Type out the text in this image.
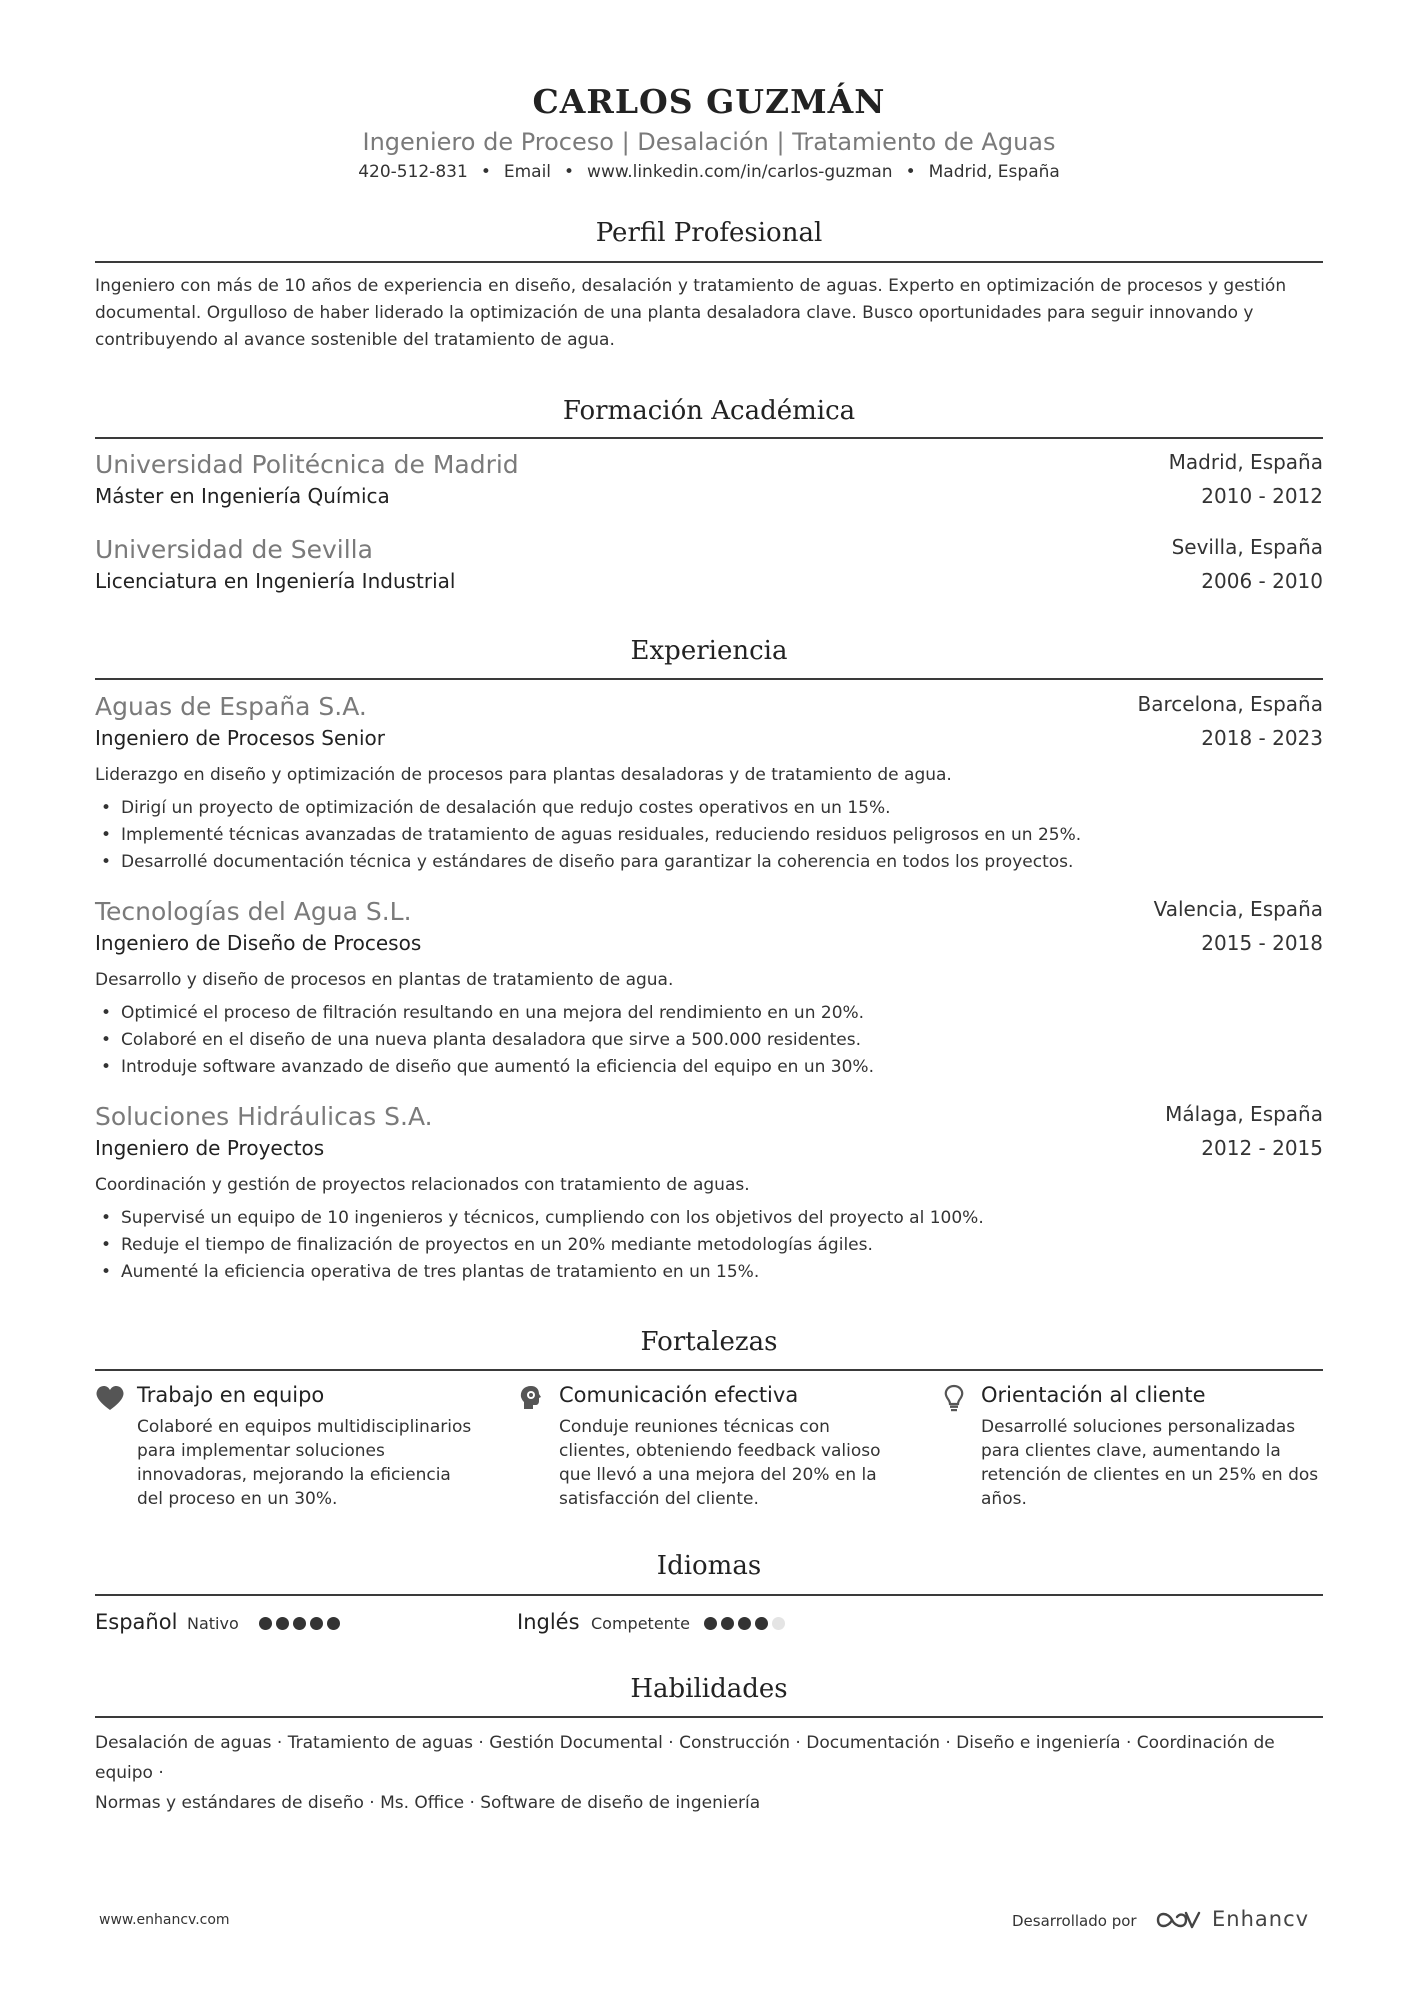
CARLOS GUZMÁN
Ingeniero de Proceso | Desalación | Tratamiento de Aguas
420-512-831 • Email • www.linkedin.com/in/carlos-guzman • Madrid, España
Perfil Profesional
Ingeniero con más de 10 años de experiencia en diseño, desalación y tratamiento de aguas. Experto en optimización de procesos y gestión documental. Orgulloso de haber liderado la optimización de una planta desaladora clave. Busco oportunidades para seguir innovando y contribuyendo al avance sostenible del tratamiento de agua.
Formación Académica
Universidad Politécnica de Madrid	Madrid, España
Máster en Ingeniería Química	2010 - 2012
Universidad de Sevilla	Sevilla, España
Licenciatura en Ingeniería Industrial	2006 - 2010
Experiencia
Aguas de España S.A.	Barcelona, España
Ingeniero de Procesos Senior	2018 - 2023
Liderazgo en diseño y optimización de procesos para plantas desaladoras y de tratamiento de agua.
• Dirigí un proyecto de optimización de desalación que redujo costes operativos en un 15%.
• Implementé técnicas avanzadas de tratamiento de aguas residuales, reduciendo residuos peligrosos en un 25%.
• Desarrollé documentación técnica y estándares de diseño para garantizar la coherencia en todos los proyectos.
Tecnologías del Agua S.L.	Valencia, España
Ingeniero de Diseño de Procesos	2015 - 2018
Desarrollo y diseño de procesos en plantas de tratamiento de agua.
• Optimicé el proceso de filtración resultando en una mejora del rendimiento en un 20%.
• Colaboré en el diseño de una nueva planta desaladora que sirve a 500.000 residentes.
• Introduje software avanzado de diseño que aumentó la eficiencia del equipo en un 30%.
Soluciones Hidráulicas S.A.	Málaga, España
Ingeniero de Proyectos	2012 - 2015
Coordinación y gestión de proyectos relacionados con tratamiento de aguas.
• Supervisé un equipo de 10 ingenieros y técnicos, cumpliendo con los objetivos del proyecto al 100%.
• Reduje el tiempo de finalización de proyectos en un 20% mediante metodologías ágiles.
• Aumenté la eficiencia operativa de tres plantas de tratamiento en un 15%.
Fortalezas
Trabajo en equipo
Colaboré en equipos multidisciplinarios para implementar soluciones innovadoras, mejorando la eficiencia del proceso en un 30%.
Comunicación efectiva
Conduje reuniones técnicas con clientes, obteniendo feedback valioso que llevó a una mejora del 20% en la satisfacción del cliente.
Orientación al cliente
Desarrollé soluciones personalizadas para clientes clave, aumentando la retención de clientes en un 25% en dos años.
Idiomas
Español Nativo	Inglés Competente
Habilidades
Desalación de aguas · Tratamiento de aguas · Gestión Documental · Construcción · Documentación · Diseño e ingeniería · Coordinación de equipo ·
Normas y estándares de diseño · Ms. Office · Software de diseño de ingeniería
www.enhancv.com	Desarrollado por	Enhancv
